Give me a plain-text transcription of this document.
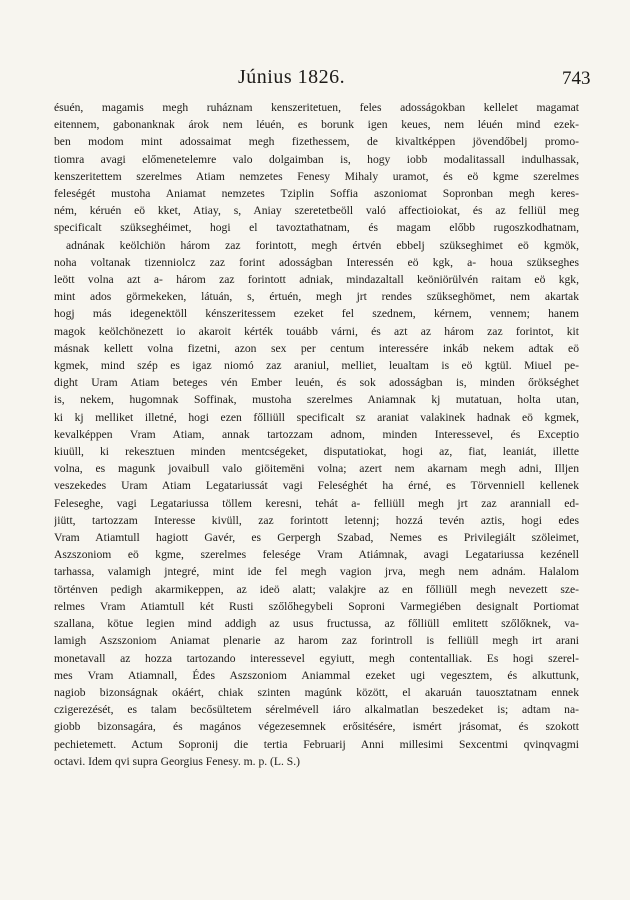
Június 1826.	743
ésuén, magamis megh ruháznam kenszeritetuen, feles adosságokban kellelet magamat
eitennem, gabonanknak árok nem léuén, es borunk igen keues, nem léuén mind ezek-
ben modom mint adossaimat megh fizethessem, de kivaltképpen jövendőbelj promo-
tiomra avagi előmenetelemre valo dolgaimban is, hogy iobb modalitassall indulhassak,
kenszeritettem szerelmes Atiam nemzetes Fenesy Mihaly uramot, és eö kgme szerelmes
feleségét mustoha Aniamat nemzetes Tziplin Soffia aszoniomat Sopronban megh keres-
ném, kéruén eö kket, Atiay, s, Aniay szeretetbeöll való affectioiokat, és az felliül meg
specificalt szükseghéimet, hogi el tavoztathatnam, és magam előbb rugoszkodhatnam,
adnának keölchiön három zaz forintott, megh értvén ebbelj szükseghimet eö kgmök,
noha voltanak tizenniolcz zaz forint adosságban Interessén eö kgk, a- houa szükseghes
leött volna azt a- három zaz forintott adniak, mindazaltall keöniörülvén raitam eö kgk,
mint ados görmekeken, látuán, s, értuén, megh jrt rendes szükseghömet, nem akartak
hogj más idegenektöll kénszeritessem ezeket fel szednem, kérnem, vennem; hanem
magok keölchönezett io akaroit kérték touább várni, és azt az három zaz forintot, kit
másnak kellett volna fizetni, azon sex per centum interessére inkáb nekem adtak eö
kgmek, mind szép es igaz niomó zaz araniul, melliet, leualtam is eö kgtül. Miuel pe-
dight Uram Atiam beteges vén Ember leuén, és sok adosságban is, minden őrökséghet
is, nekem, hugomnak Soffinak, mustoha szerelmes Aniamnak kj mutatuan, holta utan,
ki kj melliket illetné, hogi ezen főlliüll specificalt sz araniat valakinek hadnak eö kgmek,
kevalképpen Vram Atiam, annak tartozzam adnom, minden Interessevel, és Exceptio
kiuüll, ki rekesztuen minden mentcségeket, disputatiokat, hogi az, fiat, leaniát, illette
volna, es magunk jovaibull valo giöitemëni volna; azert nem akarnam megh adni, Illjen
veszekedes Uram Atiam Legatariussát vagi Feleséghét ha érné, es Törvenniell kellenek
Feleseghe, vagi Legatariussa töllem keresni, tehát a- felliüll megh jrt zaz aranniall ed-
jiütt, tartozzam Interesse kivüll, zaz forintott letennj; hozzá tevén aztis, hogi edes
Vram Atiamtull hagiott Gavér, es Gerpergh Szabad, Nemes es Privilegiált szöleimet,
Aszszoniom eö kgme, szerelmes felesége Vram Atiámnak, avagi Legatariussa kezénell
tarhassa, valamigh jntegré, mint ide fel megh vagion jrva, megh nem adnám. Halalom
történven pedigh akarmikeppen, az ideö alatt; valakjre az en főlliüll megh nevezett sze-
relmes Vram Atiamtull két Rusti szőlőhegybeli Soproni Varmegiében designalt Portiomat
szallana, kötue legien mind addigh az usus fructussa, az főlliüll emlitett szőlőknek, va-
lamigh Aszszoniom Aniamat plenarie az harom zaz forintroll is felliüll megh irt arani
monetavall az hozza tartozando interessevel egyiutt, megh contentalliak. Es hogi szerel-
mes Vram Atiamnall, Édes Aszszoniom Aniammal ezeket ugi vegesztem, és alkuttunk,
nagiob bizonságnak okáért, chiak szinten magúnk között, el akaruán tauosztatnam ennek
czigerezését, es talam becősültetem sérelmévell iáro alkalmatlan beszedeket is; adtam na-
giobb bizonsagára, és magános végezesemnek erősitésére, ismért jrásomat, és szokott
pechietemett. Actum Soproniј die tertia Februarij Anni millesimi Sexcentmi qvinqvagmi
octavi. Idem qvi supra Georgius Fenesy. m. p. (L. S.)
